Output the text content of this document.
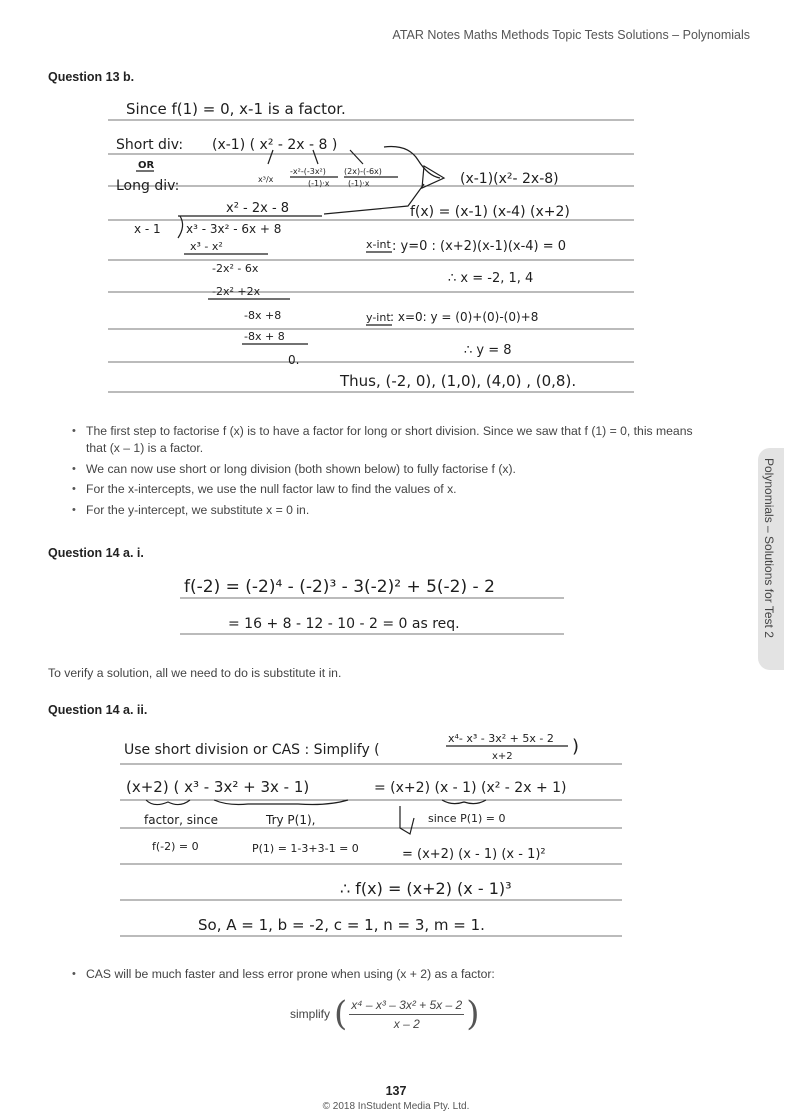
ATAR Notes Maths Methods Topic Tests Solutions – Polynomials
Polynomials – Solutions for Test 2
Question 13 b.
Since f(1) = 0, x-1 is a factor.
Short div: (x-1) ( x² - 2x - 8 )
OR
Long div:	x³/x
-x²-(-3x²)
(-1)·x
(2x)-(-6x)
(-1)·x	(x-1)(x²- 2x-8)
x² - 2x - 8
x - 1 x³ - 3x² - 6x + 8
f(x) = (x-1) (x-4) (x+2)
x³ - x²
-2x² - 6x
-2x² +2x
-8x +8
-8x + 8
0.
x-int : y=0 : (x+2)(x-1)(x-4) = 0
∴ x = -2, 1, 4
y-int : x=0: y = (0)+(0)-(0)+8
∴ y = 8
Thus, (-2, 0), (1,0), (4,0) , (0,8).
• The first step to factorise f (x) is to have a factor for long or short division. Since we saw that f (1) = 0, this means that (x – 1) is a factor.
• We can now use short or long division (both shown below) to fully factorise f (x).
• For the x-intercepts, we use the null factor law to find the values of x.
• For the y-intercept, we substitute x = 0 in.
Question 14 a. i.
f(-2) = (-2)⁴ - (-2)³ - 3(-2)² + 5(-2) - 2
= 16 + 8 - 12 - 10 - 2 = 0 as req.
To verify a solution, all we need to do is substitute it in.
Question 14 a. ii.
Use short division or CAS : Simplify (
x⁴- x³ - 3x² + 5x - 2
x+2	)
(x+2) ( x³ - 3x² + 3x - 1)	= (x+2) (x - 1) (x² - 2x + 1)
factor, since	Try P(1),	since P(1) = 0
f(-2) = 0	P(1) = 1-3+3-1 = 0	= (x+2) (x - 1) (x - 1)²
∴ f(x) = (x+2) (x - 1)³
So, A = 1, b = -2, c = 1, n = 3, m = 1.
• CAS will be much faster and less error prone when using (x + 2) as a factor:
simplify ( $\frac{\text{x⁴ – x³ – 3x² + 5x – 2}}{x - 2}$ )
137
© 2018 InStudent Media Pty. Ltd.
